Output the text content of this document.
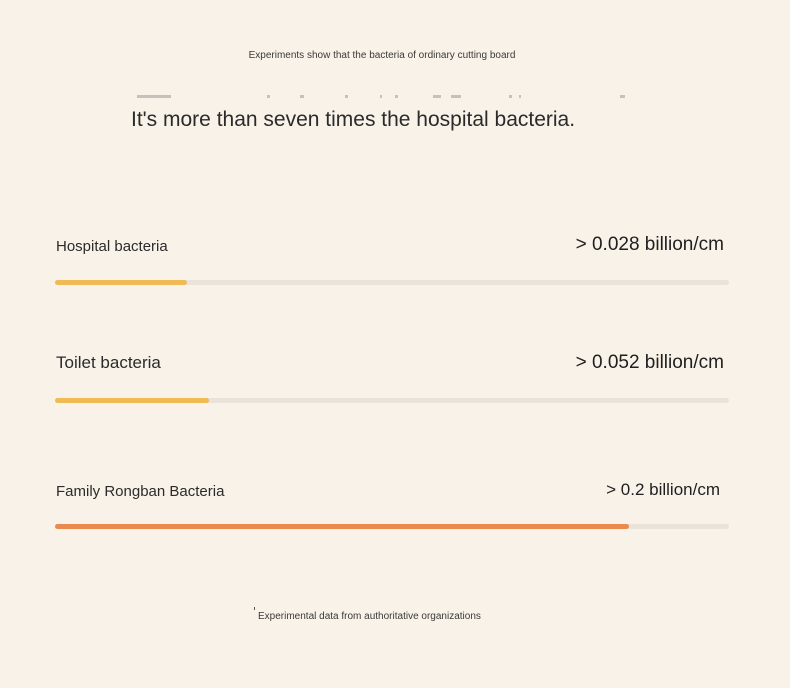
Experiments show that the bacteria of ordinary cutting board
It's more than seven times the hospital bacteria.
Hospital bacteria	> 0.028 billion/cm
Toilet bacteria	> 0.052 billion/cm
Family Rongban Bacteria	> 0.2 billion/cm
Experimental data from authoritative organizations
